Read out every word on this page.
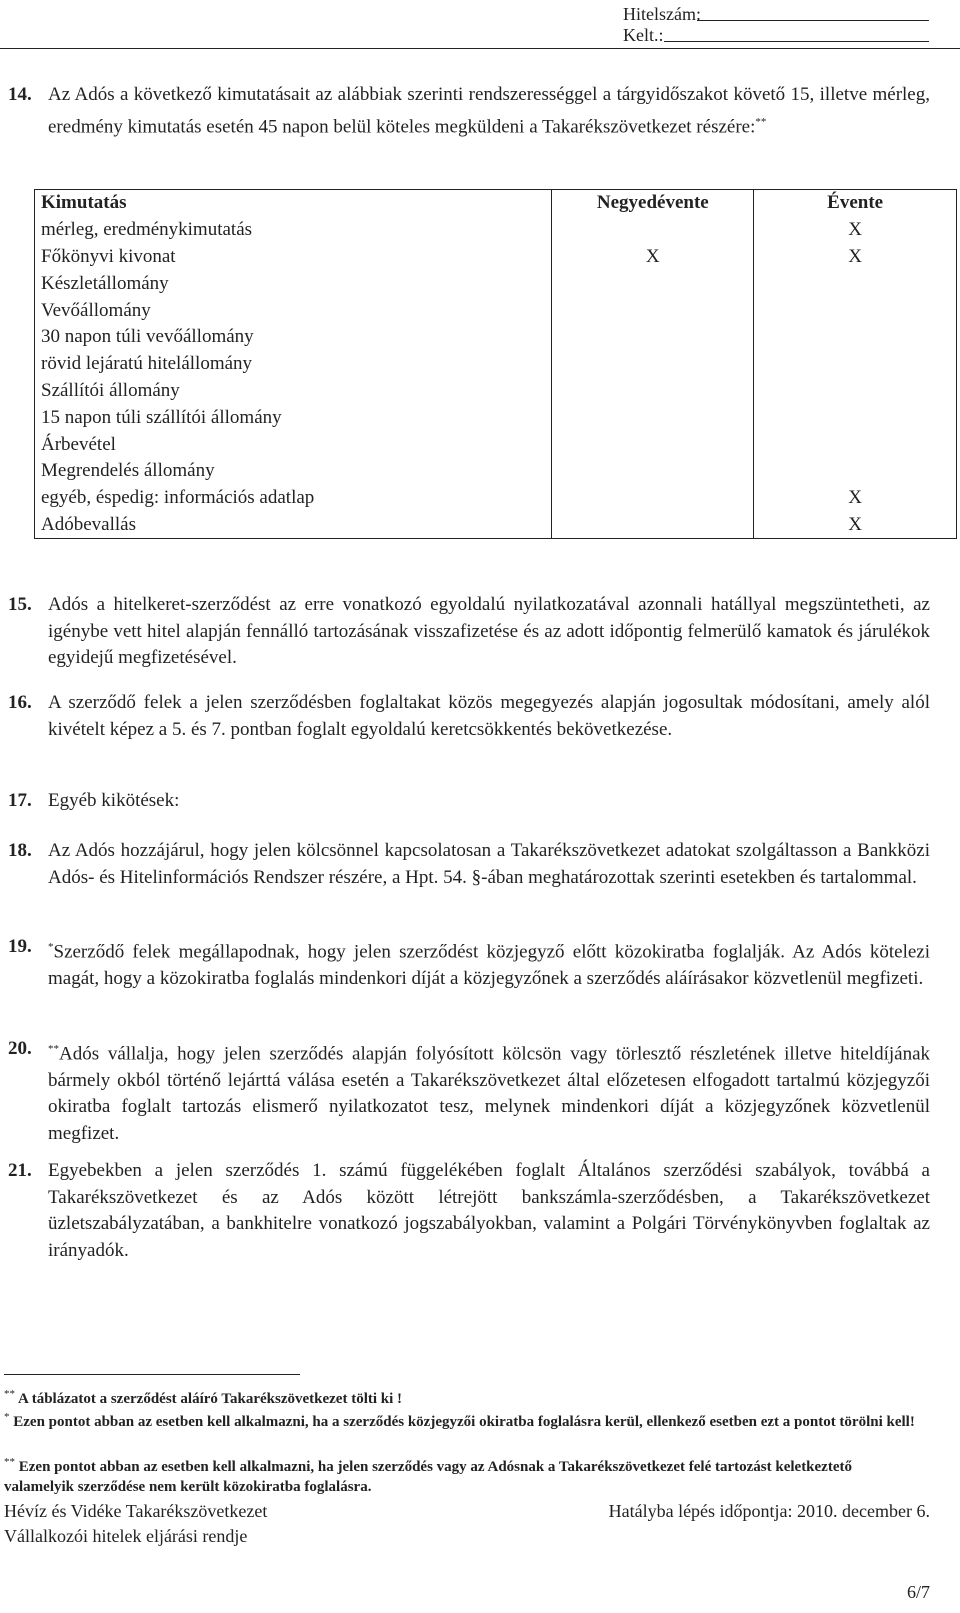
Hitelszám:
Kelt.:
14. Az Adós a következő kimutatásait az alábbiak szerinti rendszerességgel a tárgyidőszakot követő 15, illetve mérleg, eredmény kimutatás esetén 45 napon belül köteles megküldeni a Takarékszövetkezet részére:**
Kimutatás	Negyedévente	Évente
mérleg, eredménykimutatás		X
Főkönyvi kivonat	X	X
Készletállomány		
Vevőállomány		
30 napon túli vevőállomány		
rövid lejáratú hitelállomány		
Szállítói állomány		
15 napon túli szállítói állomány		
Árbevétel		
Megrendelés állomány		
egyéb, éspedig: információs adatlap		X
Adóbevallás		X
15. Adós a hitelkeret-szerződést az erre vonatkozó egyoldalú nyilatkozatával azonnali hatállyal megszüntetheti, az igénybe vett hitel alapján fennálló tartozásának visszafizetése és az adott időpontig felmerülő kamatok és járulékok egyidejű megfizetésével.
16. A szerződő felek a jelen szerződésben foglaltakat közös megegyezés alapján jogosultak módosítani, amely alól kivételt képez a 5. és 7. pontban foglalt egyoldalú keretcsökkentés bekövetkezése.
17. Egyéb kikötések:
18. Az Adós hozzájárul, hogy jelen kölcsönnel kapcsolatosan a Takarékszövetkezet adatokat szolgáltasson a Bankközi Adós- és Hitelinformációs Rendszer részére, a Hpt. 54. §-ában meghatározottak szerinti esetekben és tartalommal.
19. *Szerződő felek megállapodnak, hogy jelen szerződést közjegyző előtt közokiratba foglalják. Az Adós kötelezi magát, hogy a közokiratba foglalás mindenkori díját a közjegyzőnek a szerződés aláírásakor közvetlenül megfizeti.
20. **Adós vállalja, hogy jelen szerződés alapján folyósított kölcsön vagy törlesztő részletének illetve hiteldíjának bármely okból történő lejárttá válása esetén a Takarékszövetkezet által előzetesen elfogadott tartalmú közjegyzői okiratba foglalt tartozás elismerő nyilatkozatot tesz, melynek mindenkori díját a közjegyzőnek közvetlenül megfizet.
21. Egyebekben a jelen szerződés 1. számú függelékében foglalt Általános szerződési szabályok, továbbá a Takarékszövetkezet és az Adós között létrejött bankszámla-szerződésben, a Takarékszövetkezet üzletszabályzatában, a bankhitelre vonatkozó jogszabályokban, valamint a Polgári Törvénykönyvben foglaltak az irányadók.
** A táblázatot a szerződést aláíró Takarékszövetkezet tölti ki !
* Ezen pontot abban az esetben kell alkalmazni, ha a szerződés közjegyzői okiratba foglalásra kerül, ellenkező esetben ezt a pontot törölni kell!
** Ezen pontot abban az esetben kell alkalmazni, ha jelen szerződés vagy az Adósnak a Takarékszövetkezet felé tartozást keletkeztető valamelyik szerződése nem került közokiratba foglalásra.
Hévíz és Vidéke Takarékszövetkezet
Vállalkozói hitelek eljárási rendje
Hatályba lépés időpontja: 2010. december 6.
6/7
